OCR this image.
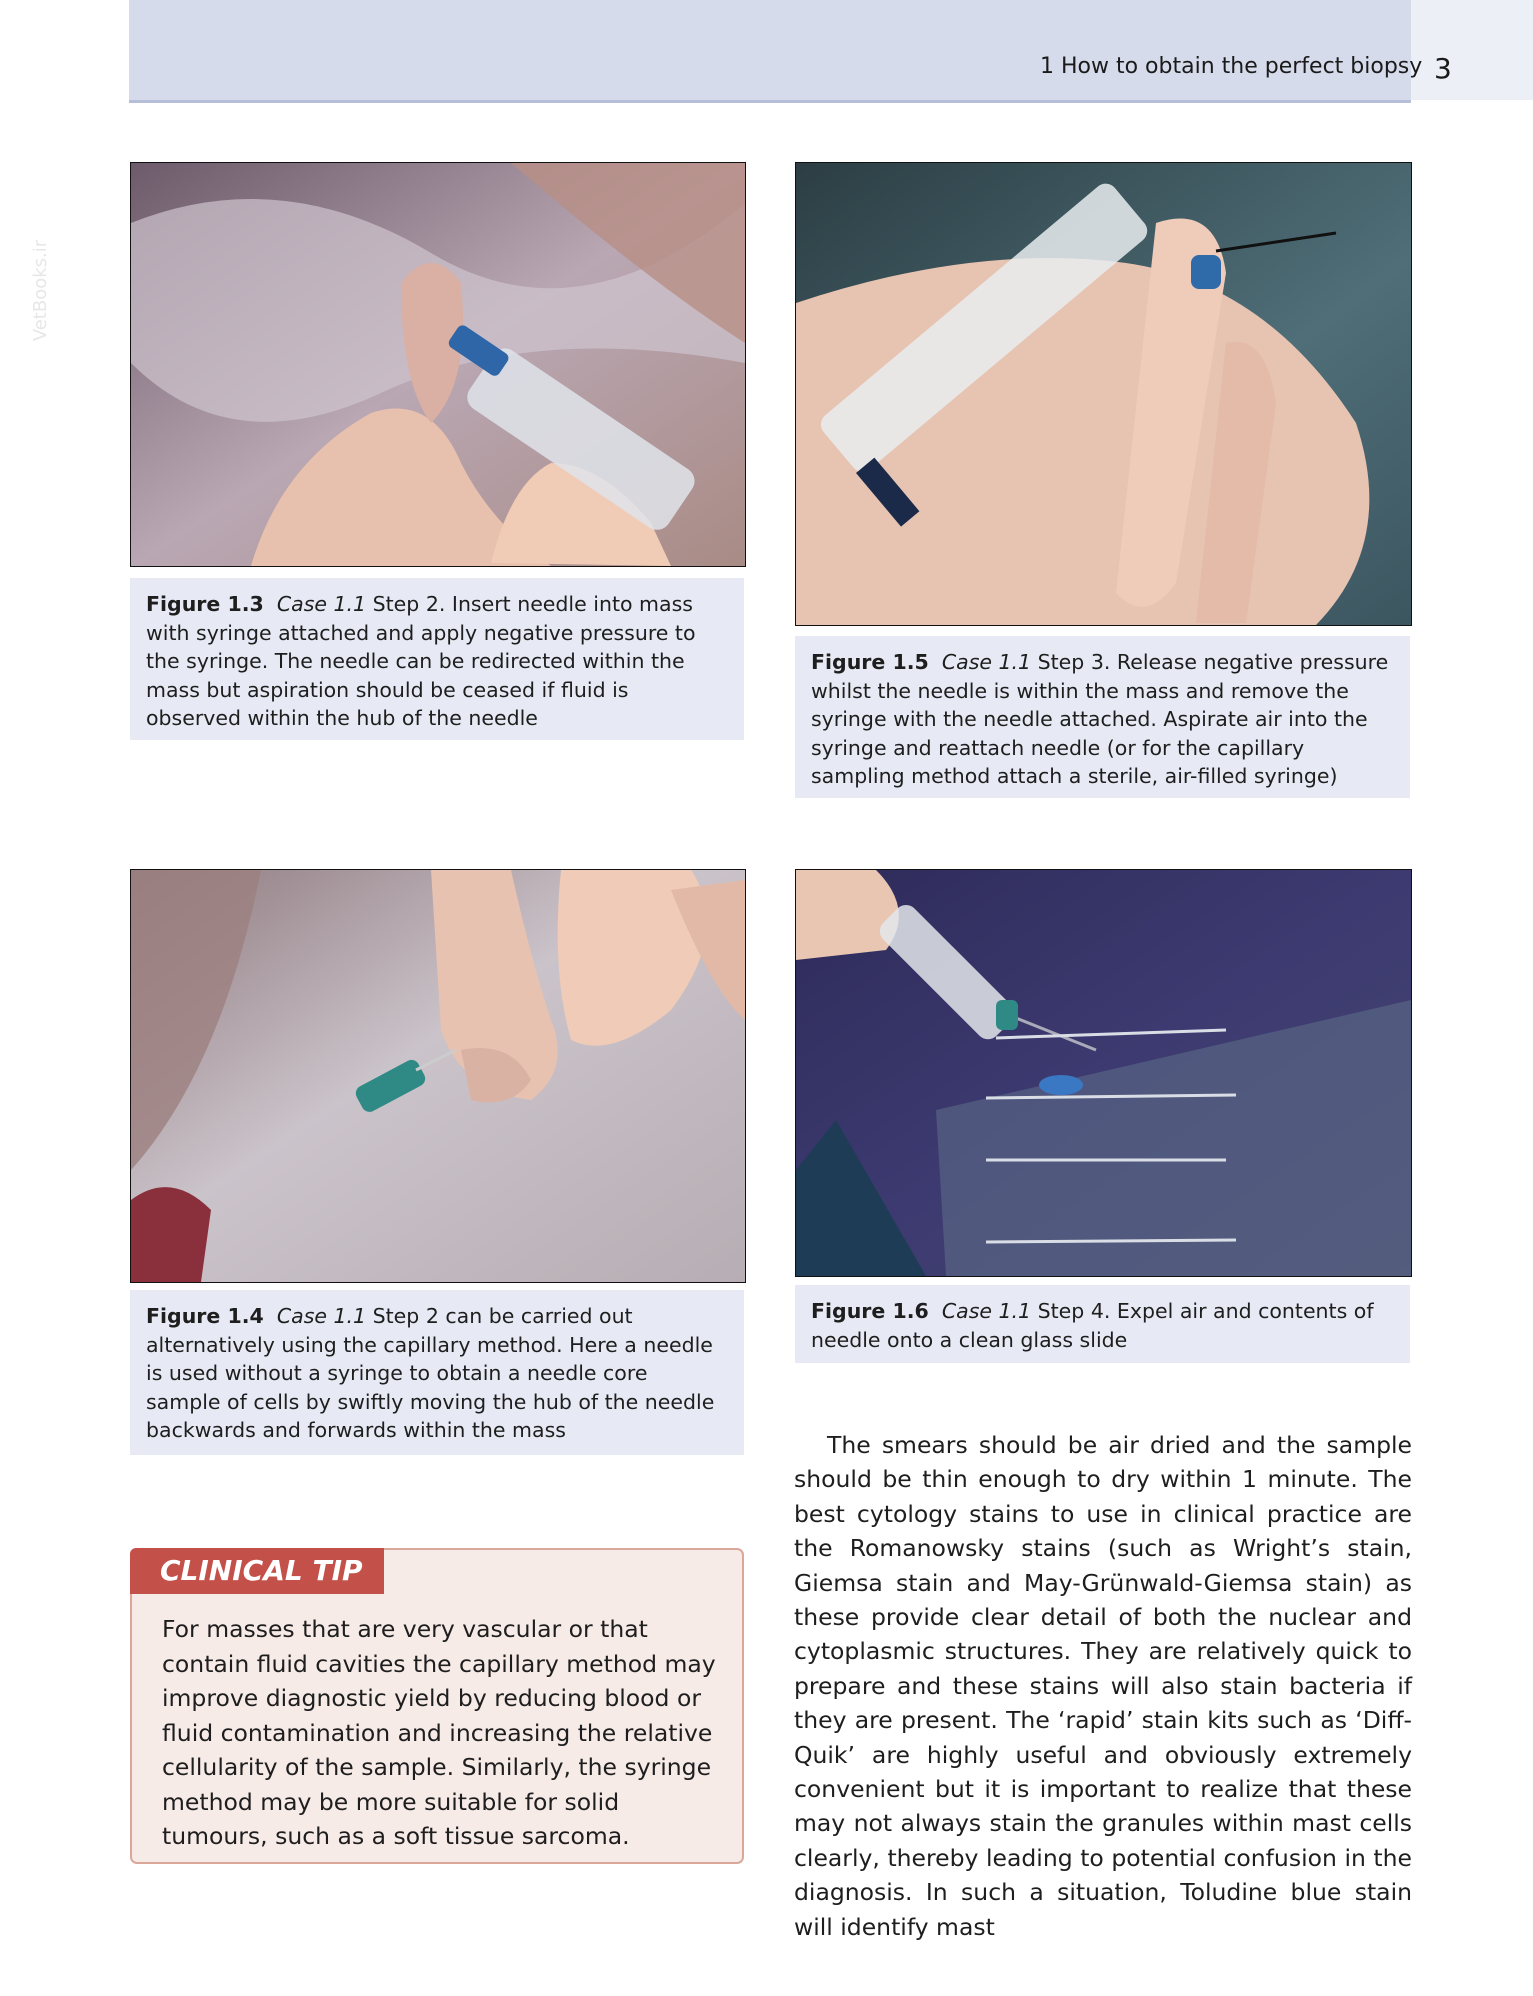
1 How to obtain the perfect biopsy 3
VetBooks.ir
Figure 1.3 Case 1.1 Step 2. Insert needle into mass with syringe attached and apply negative pressure to the syringe. The needle can be redirected within the mass but aspiration should be ceased if fluid is observed within the hub of the needle
Figure 1.5 Case 1.1 Step 3. Release negative pressure whilst the needle is within the mass and remove the syringe with the needle attached. Aspirate air into the syringe and reattach needle (or for the capillary sampling method attach a sterile, air-filled syringe)
Figure 1.4 Case 1.1 Step 2 can be carried out alternatively using the capillary method. Here a needle is used without a syringe to obtain a needle core sample of cells by swiftly moving the hub of the needle backwards and forwards within the mass
Figure 1.6 Case 1.1 Step 4. Expel air and contents of needle onto a clean glass slide
CLINICAL TIP
For masses that are very vascular or that contain fluid cavities the capillary method may improve diagnostic yield by reducing blood or fluid contamination and increasing the relative cellularity of the sample. Similarly, the syringe method may be more suitable for solid tumours, such as a soft tissue sarcoma.
The smears should be air dried and the sample should be thin enough to dry within 1 minute. The best cytology stains to use in clinical practice are the Romanowsky stains (such as Wright’s stain, Giemsa stain and May-Grünwald-Giemsa stain) as these provide clear detail of both the nuclear and cytoplasmic structures. They are relatively quick to prepare and these stains will also stain bacteria if they are present. The ‘rapid’ stain kits such as ‘Diff-Quik’ are highly useful and obviously extremely convenient but it is important to realize that these may not always stain the granules within mast cells clearly, thereby leading to potential confusion in the diagnosis. In such a situation, Toludine blue stain will identify mast
